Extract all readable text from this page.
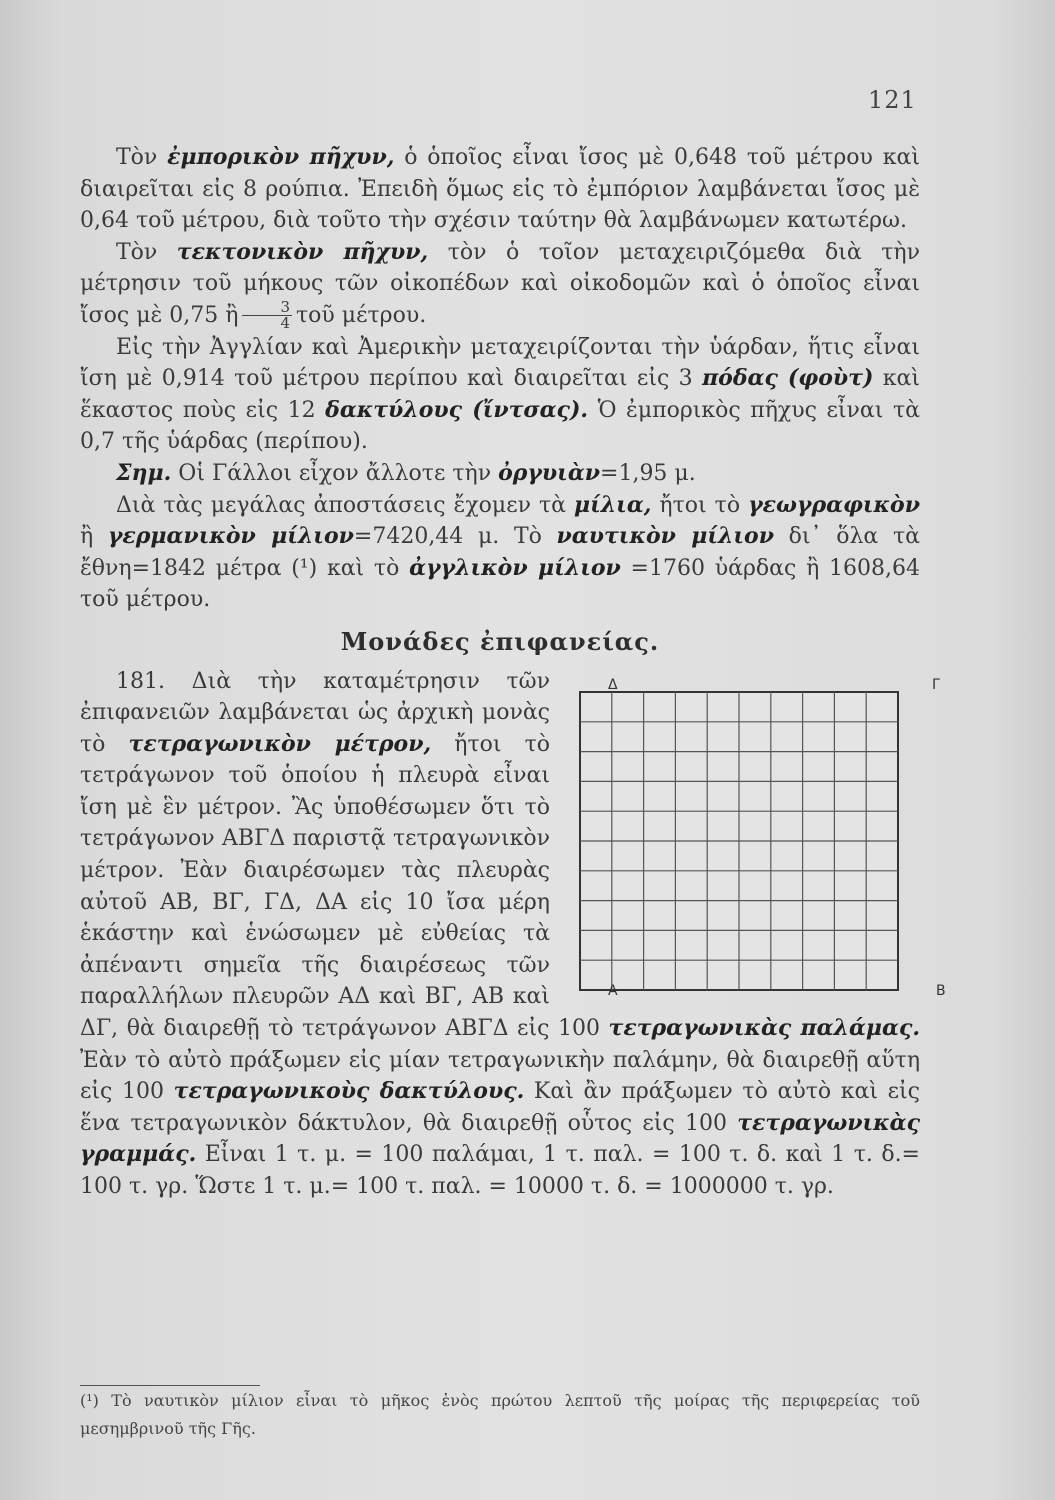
121

Τὸν ἐμπορικὸν πῆχυν, ὁ ὁποῖος εἶναι ἴσος μὲ 0,648 τοῦ μέτρου καὶ διαιρεῖται εἰς 8 ρούπια. Ἐπειδὴ ὅμως εἰς τὸ ἐμπόριον λαμβάνεται ἴσος μὲ 0,64 τοῦ μέτρου, διὰ τοῦτο τὴν σχέσιν ταύτην θὰ λαμβάνωμεν κατωτέρω.

Τὸν τεκτονικὸν πῆχυν, τὸν ὁ τοῖον μεταχειριζόμεθα διὰ τὴν μέτρησιν τοῦ μήκους τῶν οἰκοπέδων καὶ οἰκοδομῶν καὶ ὁ ὁποῖος εἶναι ἴσος μὲ 0,75 ἢ $\frac{3}{4}$ τοῦ μέτρου.

Εἰς τὴν Ἀγγλίαν καὶ Ἀμερικὴν μεταχειρίζονται τὴν ὑάρδαν, ἥτις εἶναι ἴση μὲ 0,914 τοῦ μέτρου περίπου καὶ διαιρεῖται εἰς 3 πόδας (φοὺτ) καὶ ἕκαστος ποὺς εἰς 12 δακτύλους (ἴντσας). Ὁ ἐμπορικὸς πῆχυς εἶναι τὰ 0,7 τῆς ὑάρδας (περίπου).

Σημ. Οἱ Γάλλοι εἶχον ἄλλοτε τὴν ὀργυιὰν=1,95 μ.

Διὰ τὰς μεγάλας ἀποστάσεις ἔχομεν τὰ μίλια, ἤτοι τὸ γεωγραφικὸν ἢ γερμανικὸν μίλιον=7420,44 μ. Τὸ ναυτικὸν μίλιον δι᾿ ὅλα τὰ ἔθνη=1842 μέτρα (¹) καὶ τὸ ἀγγλικὸν μίλιον =1760 ὑάρδας ἢ 1608,64 τοῦ μέτρου.

Μονάδες ἐπιφανείας.

Δ	Γ
Α	Β
181. Διὰ τὴν καταμέτρησιν τῶν ἐπιφανειῶν λαμβάνεται ὡς ἀρχικὴ μονὰς τὸ τετραγωνικὸν μέτρον, ἤτοι τὸ τετράγωνον τοῦ ὁποίου ἡ πλευρὰ εἶναι ἴση μὲ ἓν μέτρον. Ἂς ὑποθέσωμεν ὅτι τὸ τετράγωνον ΑΒΓΔ παριστᾷ τετραγωνικὸν μέτρον. Ἐὰν διαιρέσωμεν τὰς πλευρὰς αὐτοῦ ΑΒ, ΒΓ, ΓΔ, ΔΑ εἰς 10 ἴσα μέρη ἑκάστην καὶ ἑνώσωμεν μὲ εὐθείας τὰ ἀπέναντι σημεῖα τῆς διαιρέσεως τῶν παραλλήλων πλευρῶν ΑΔ καὶ ΒΓ, ΑΒ καὶ ΔΓ, θὰ διαιρεθῇ τὸ τετράγωνον ΑΒΓΔ εἰς 100 τετραγωνικὰς παλάμας. Ἐὰν τὸ αὐτὸ πράξωμεν εἰς μίαν τετραγωνικὴν παλάμην, θὰ διαιρεθῇ αὕτη εἰς 100 τετραγωνικοὺς δακτύλους. Καὶ ἂν πράξωμεν τὸ αὐτὸ καὶ εἰς ἕνα τετραγωνικὸν δάκτυλον, θὰ διαιρεθῇ οὗτος εἰς 100 τετραγωνικὰς γραμμάς. Εἶναι 1 τ. μ. = 100 παλάμαι, 1 τ. παλ. = 100 τ. δ. καὶ 1 τ. δ.= 100 τ. γρ. Ὥστε 1 τ. μ.= 100 τ. παλ. = 10000 τ. δ. = 1000000 τ. γρ.

(¹) Τὸ ναυτικὸν μίλιον εἶναι τὸ μῆκος ἑνὸς πρώτου λεπτοῦ τῆς μοίρας τῆς περιφερείας τοῦ μεσημβρινοῦ τῆς Γῆς.
